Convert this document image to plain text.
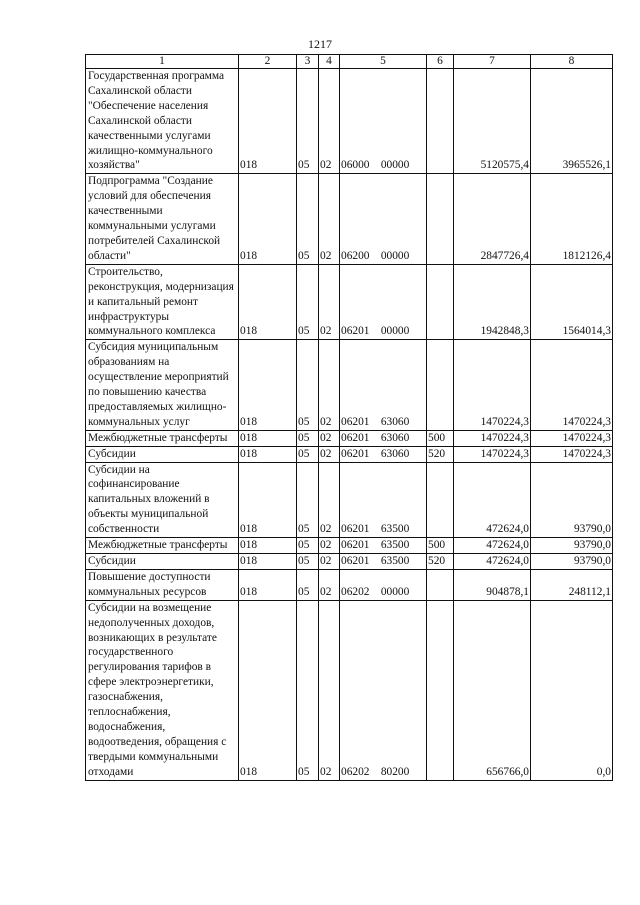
1217
1	2	3	4	5	6	7	8
Государственная программа Сахалинской области "Обеспечение населения Сахалинской области качественными услугами жилищно-коммунального хозяйства"	018	05	02	06000 00000		5120575,4	3965526,1
Подпрограмма "Создание условий для обеспечения качественными коммунальными услугами потребителей Сахалинской области"	018	05	02	06200 00000		2847726,4	1812126,4
Строительство, реконструкция, модернизация и капитальный ремонт инфраструктуры коммунального комплекса	018	05	02	06201 00000		1942848,3	1564014,3
Субсидия муниципальным образованиям на осуществление мероприятий по повышению качества предоставляемых жилищно-коммунальных услуг	018	05	02	06201 63060		1470224,3	1470224,3
Межбюджетные трансферты	018	05	02	06201 63060	500	1470224,3	1470224,3
Субсидии	018	05	02	06201 63060	520	1470224,3	1470224,3
Субсидии на софинансирование капитальных вложений в объекты муниципальной собственности	018	05	02	06201 63500		472624,0	93790,0
Межбюджетные трансферты	018	05	02	06201 63500	500	472624,0	93790,0
Субсидии	018	05	02	06201 63500	520	472624,0	93790,0
Повышение доступности коммунальных ресурсов	018	05	02	06202 00000		904878,1	248112,1
Субсидии на возмещение недополученных доходов, возникающих в результате государственного регулирования тарифов в сфере электроэнергетики, газоснабжения, теплоснабжения, водоснабжения, водоотведения, обращения с твердыми коммунальными отходами	018	05	02	06202 80200		656766,0	0,0
